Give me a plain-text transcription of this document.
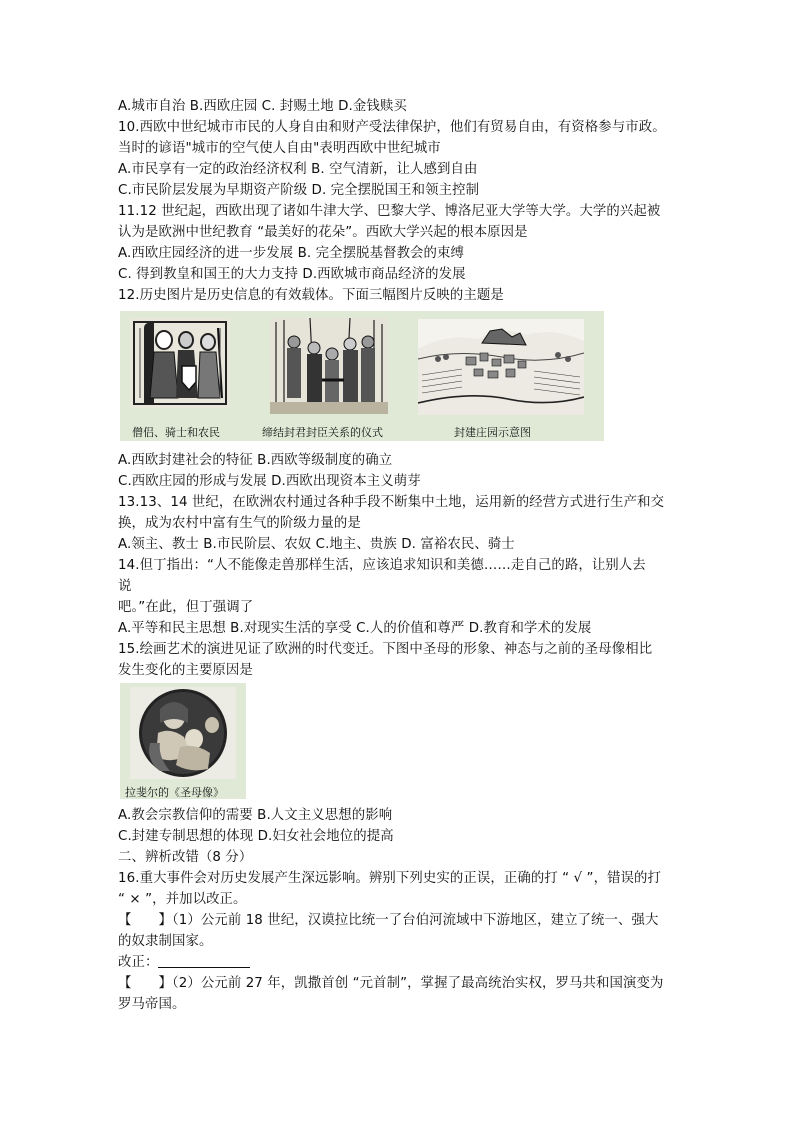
A.城市自治 B.西欧庄园 C. 封赐土地 D.金钱赎买
10.西欧中世纪城市市民的人身自由和财产受法律保护，他们有贸易自由，有资格参与市政。
当时的谚语"城市的空气使人自由"表明西欧中世纪城市
A.市民享有一定的政治经济权利 B. 空气清新，让人感到自由
C.市民阶层发展为早期资产阶级 D. 完全摆脱国王和领主控制
11.12 世纪起，西欧出现了诸如牛津大学、巴黎大学、博洛尼亚大学等大学。大学的兴起被
认为是欧洲中世纪教育 “最美好的花朵”。西欧大学兴起的根本原因是
A.西欧庄园经济的进一步发展 B. 完全摆脱基督教会的束缚
C. 得到教皇和国王的大力支持 D.西欧城市商品经济的发展
12.历史图片是历史信息的有效载体。下面三幅图片反映的主题是
僧侣、骑士和农民	缔结封君封臣关系的仪式	封建庄园示意图
A.西欧封建社会的特征 B.西欧等级制度的确立
C.西欧庄园的形成与发展 D.西欧出现资本主义萌芽
13.13、14 世纪，在欧洲农村通过各种手段不断集中土地，运用新的经营方式进行生产和交
换，成为农村中富有生气的阶级力量的是
A.领主、教士 B.市民阶层、农奴 C.地主、贵族 D. 富裕农民、骑士
14.但丁指出：“人不能像走兽那样生活，应该追求知识和美德……走自己的路，让别人去
说
吧。”在此，但丁强调了
A.平等和民主思想 B.对现实生活的享受 C.人的价值和尊严 D.教育和学术的发展
15.绘画艺术的演进见证了欧洲的时代变迁。下图中圣母的形象、神态与之前的圣母像相比
发生变化的主要原因是
拉斐尔的《圣母像》
A.教会宗教信仰的需要 B.人文主义思想的影响
C.封建专制思想的体现 D.妇女社会地位的提高
二、辨析改错（8 分）
16.重大事件会对历史发展产生深远影响。辨别下列史实的正误，正确的打 “ √ ”，错误的打
“ × ”，并加以改正。
【　　】（1）公元前 18 世纪，汉谟拉比统一了台伯河流域中下游地区，建立了统一、强大
的奴隶制国家。
改正：
【　　】（2）公元前 27 年，凯撒首创 “元首制”，掌握了最高统治实权，罗马共和国演变为
罗马帝国。
